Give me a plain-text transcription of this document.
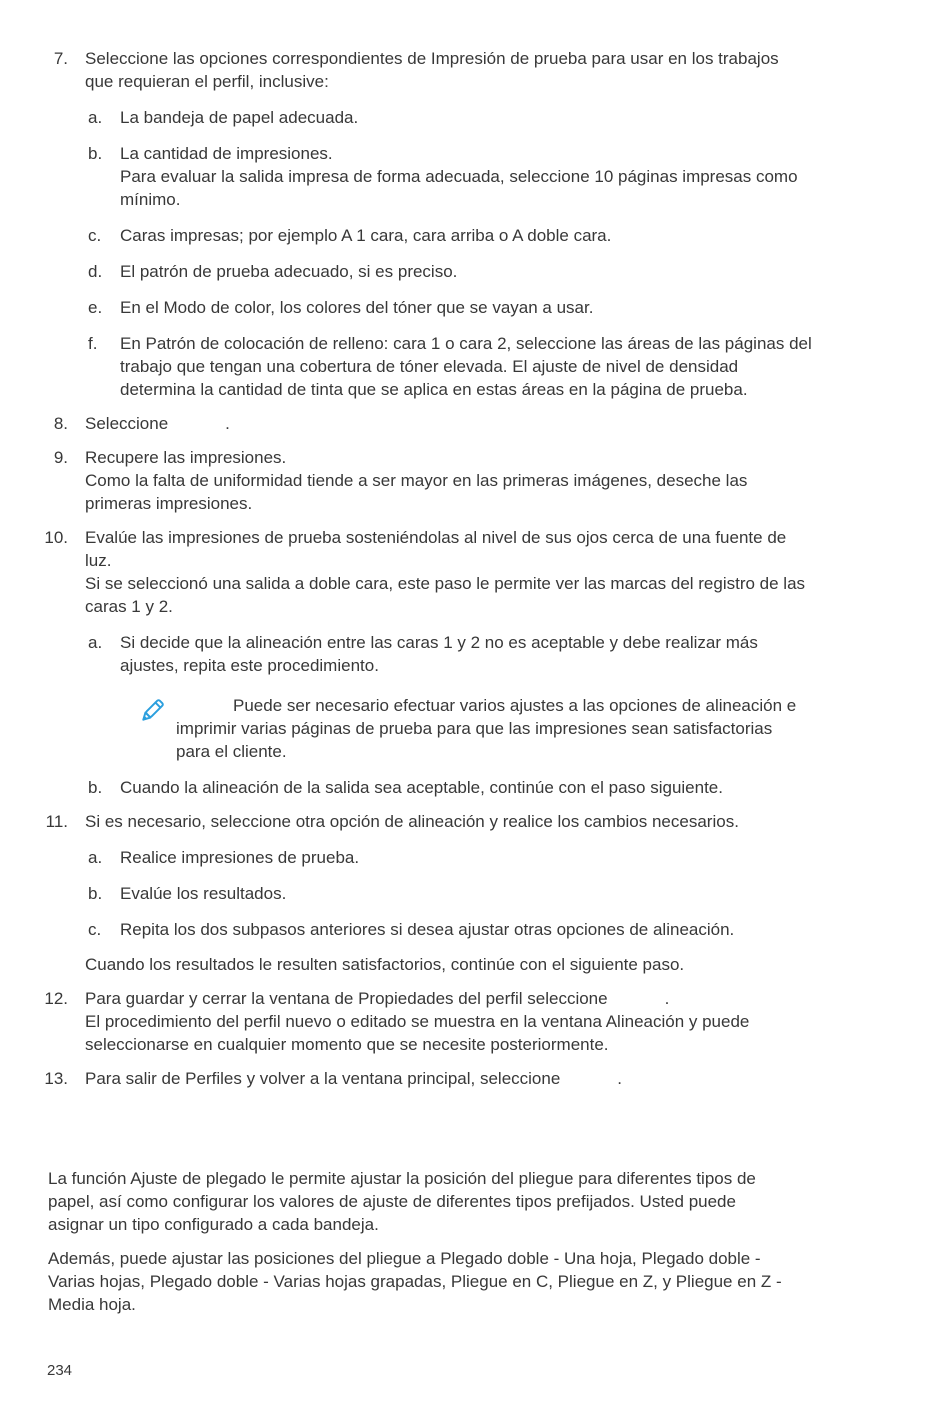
7. Seleccione las opciones correspondientes de Impresión de prueba para usar en los trabajos
que requieran el perfil, inclusive:
a. La bandeja de papel adecuada.
b. La cantidad de impresiones.
Para evaluar la salida impresa de forma adecuada, seleccione 10 páginas impresas como
mínimo.
c. Caras impresas; por ejemplo A 1 cara, cara arriba o A doble cara.
d. El patrón de prueba adecuado, si es preciso.
e. En el Modo de color, los colores del tóner que se vayan a usar.
f.	En Patrón de colocación de relleno: cara 1 o cara 2, seleccione las áreas de las páginas del
trabajo que tengan una cobertura de tóner elevada. El ajuste de nivel de densidad
determina la cantidad de tinta que se aplica en estas áreas en la página de prueba.
8. Seleccione	.
9. Recupere las impresiones.
Como la falta de uniformidad tiende a ser mayor en las primeras imágenes, deseche las
primeras impresiones.
10. Evalúe las impresiones de prueba sosteniéndolas al nivel de sus ojos cerca de una fuente de
luz.
Si se seleccionó una salida a doble cara, este paso le permite ver las marcas del registro de las
caras 1 y 2.
a. Si decide que la alineación entre las caras 1 y 2 no es aceptable y debe realizar más
ajustes, repita este procedimiento.
Puede ser necesario efectuar varios ajustes a las opciones de alineación e
imprimir varias páginas de prueba para que las impresiones sean satisfactorias
para el cliente.
b. Cuando la alineación de la salida sea aceptable, continúe con el paso siguiente.
11. Si es necesario, seleccione otra opción de alineación y realice los cambios necesarios.
a. Realice impresiones de prueba.
b. Evalúe los resultados.
c. Repita los dos subpasos anteriores si desea ajustar otras opciones de alineación.
Cuando los resultados le resulten satisfactorios, continúe con el siguiente paso.
12. Para guardar y cerrar la ventana de Propiedades del perfil seleccione	.
El procedimiento del perfil nuevo o editado se muestra en la ventana Alineación y puede
seleccionarse en cualquier momento que se necesite posteriormente.
13. Para salir de Perfiles y volver a la ventana principal, seleccione	.
La función Ajuste de plegado le permite ajustar la posición del pliegue para diferentes tipos de
papel, así como configurar los valores de ajuste de diferentes tipos prefijados. Usted puede
asignar un tipo configurado a cada bandeja.
Además, puede ajustar las posiciones del pliegue a Plegado doble - Una hoja, Plegado doble -
Varias hojas, Plegado doble - Varias hojas grapadas, Pliegue en C, Pliegue en Z, y Pliegue en Z -
Media hoja.
234
